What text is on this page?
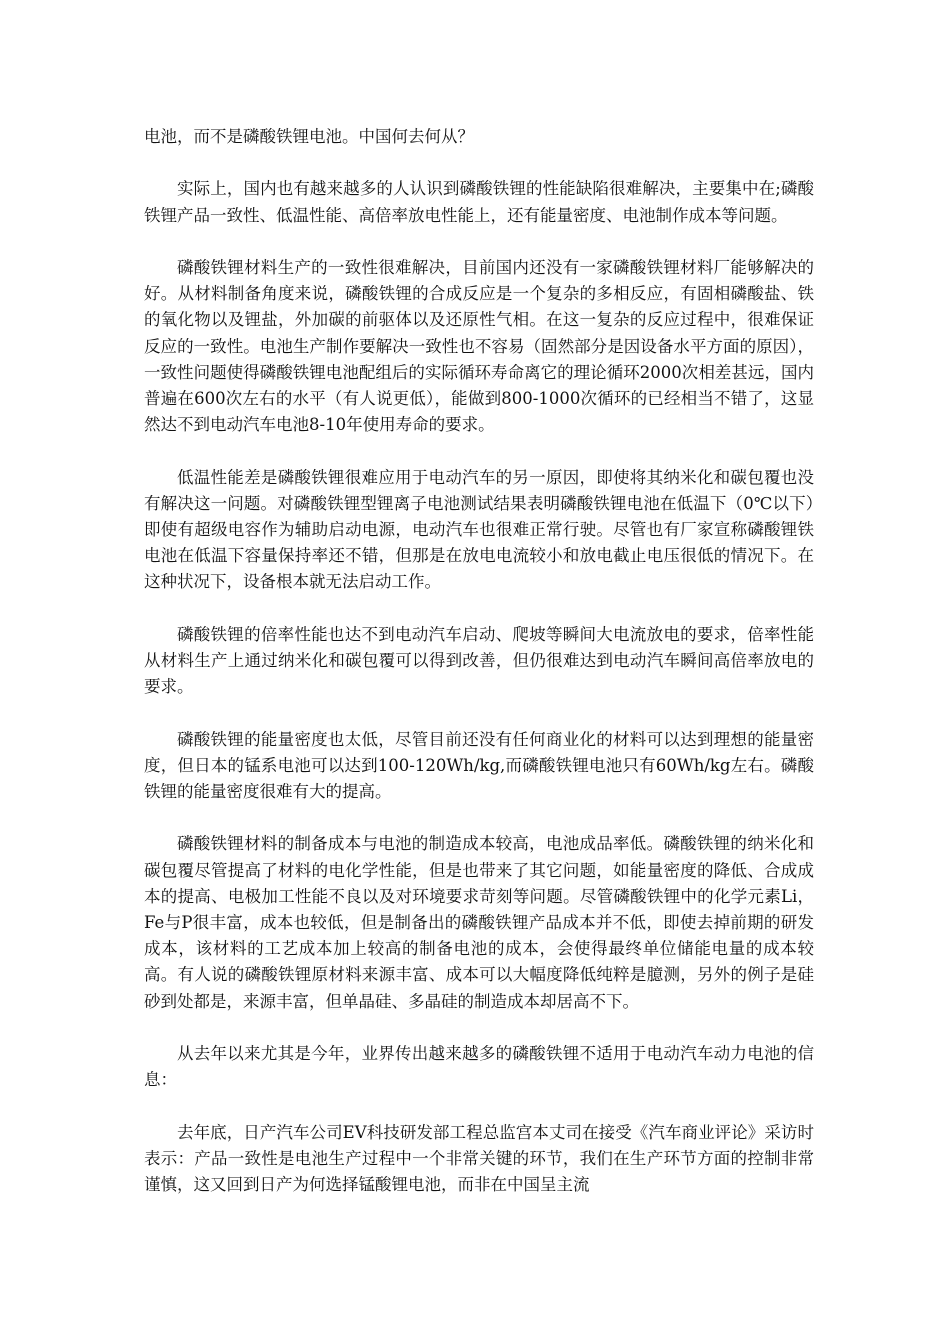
电池，而不是磷酸铁锂电池。中国何去何从？

实际上，国内也有越来越多的人认识到磷酸铁锂的性能缺陷很难解决，主要集中在;磷酸铁锂产品一致性、低温性能、高倍率放电性能上，还有能量密度、电池制作成本等问题。

磷酸铁锂材料生产的一致性很难解决，目前国内还没有一家磷酸铁锂材料厂能够解决的好。从材料制备角度来说，磷酸铁锂的合成反应是一个复杂的多相反应，有固相磷酸盐、铁的氧化物以及锂盐，外加碳的前驱体以及还原性气相。在这一复杂的反应过程中，很难保证反应的一致性。电池生产制作要解决一致性也不容易（固然部分是因设备水平方面的原因），一致性问题使得磷酸铁锂电池配组后的实际循环寿命离它的理论循环2000次相差甚远，国内普遍在600次左右的水平（有人说更低），能做到800-1000次循环的已经相当不错了，这显然达不到电动汽车电池8-10年使用寿命的要求。

低温性能差是磷酸铁锂很难应用于电动汽车的另一原因，即使将其纳米化和碳包覆也没有解决这一问题。对磷酸铁锂型锂离子电池测试结果表明磷酸铁锂电池在低温下（0℃以下）即使有超级电容作为辅助启动电源，电动汽车也很难正常行驶。尽管也有厂家宣称磷酸锂铁电池在低温下容量保持率还不错，但那是在放电电流较小和放电截止电压很低的情况下。在这种状况下，设备根本就无法启动工作。

磷酸铁锂的倍率性能也达不到电动汽车启动、爬坡等瞬间大电流放电的要求，倍率性能从材料生产上通过纳米化和碳包覆可以得到改善，但仍很难达到电动汽车瞬间高倍率放电的要求。

磷酸铁锂的能量密度也太低，尽管目前还没有任何商业化的材料可以达到理想的能量密度，但日本的锰系电池可以达到100-120Wh/kg,而磷酸铁锂电池只有60Wh/kg左右。磷酸铁锂的能量密度很难有大的提高。

磷酸铁锂材料的制备成本与电池的制造成本较高，电池成品率低。磷酸铁锂的纳米化和碳包覆尽管提高了材料的电化学性能，但是也带来了其它问题，如能量密度的降低、合成成本的提高、电极加工性能不良以及对环境要求苛刻等问题。尽管磷酸铁锂中的化学元素Li，Fe与P很丰富，成本也较低，但是制备出的磷酸铁锂产品成本并不低，即使去掉前期的研发成本，该材料的工艺成本加上较高的制备电池的成本，会使得最终单位储能电量的成本较高。有人说的磷酸铁锂原材料来源丰富、成本可以大幅度降低纯粹是臆测，另外的例子是硅砂到处都是，来源丰富，但单晶硅、多晶硅的制造成本却居高不下。

从去年以来尤其是今年，业界传出越来越多的磷酸铁锂不适用于电动汽车动力电池的信息：

去年底，日产汽车公司EV科技研发部工程总监宫本丈司在接受《汽车商业评论》采访时表示：产品一致性是电池生产过程中一个非常关键的环节，我们在生产环节方面的控制非常谨慎，这又回到日产为何选择锰酸锂电池，而非在中国呈主流
